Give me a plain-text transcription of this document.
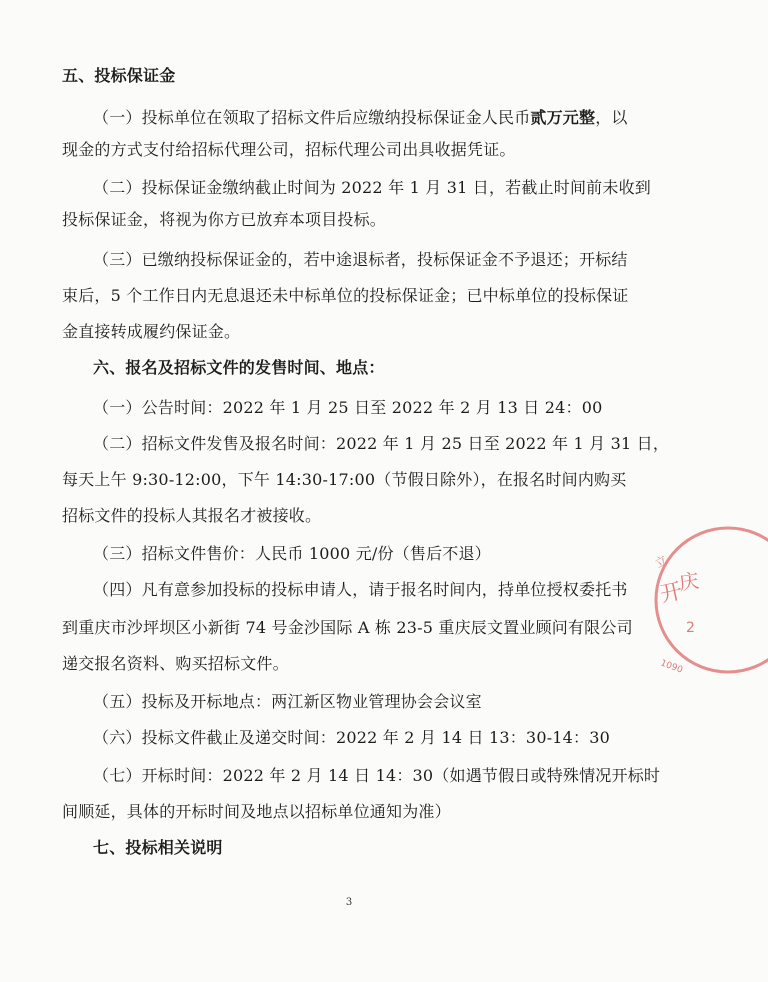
五、投标保证金
（一）投标单位在领取了招标文件后应缴纳投标保证金人民币贰万元整，以
现金的方式支付给招标代理公司，招标代理公司出具收据凭证。
（二）投标保证金缴纳截止时间为 2022 年 1 月 31 日，若截止时间前未收到
投标保证金，将视为你方已放弃本项目投标。
（三）已缴纳投标保证金的，若中途退标者，投标保证金不予退还；开标结
束后，5 个工作日内无息退还未中标单位的投标保证金；已中标单位的投标保证
金直接转成履约保证金。
六、报名及招标文件的发售时间、地点：
（一）公告时间：2022 年 1 月 25 日至 2022 年 2 月 13 日 24：00
（二）招标文件发售及报名时间：2022 年 1 月 25 日至 2022 年 1 月 31 日，
每天上午 9:30-12:00，下午 14:30-17:00（节假日除外），在报名时间内购买
招标文件的投标人其报名才被接收。
（三）招标文件售价：人民币 1000 元/份（售后不退）
（四）凡有意参加投标的投标申请人，请于报名时间内，持单位授权委托书
到重庆市沙坪坝区小新街 74 号金沙国际 A 栋 23-5 重庆辰文置业顾问有限公司
递交报名资料、购买招标文件。
（五）投标及开标地点：两江新区物业管理协会会议室
（六）投标文件截止及递交时间：2022 年 2 月 14 日 13：30-14：30
（七）开标时间：2022 年 2 月 14 日 14：30（如遇节假日或特殊情况开标时
间顺延，具体的开标时间及地点以招标单位通知为准）
七、投标相关说明
3
立
开
庆
2
1090
